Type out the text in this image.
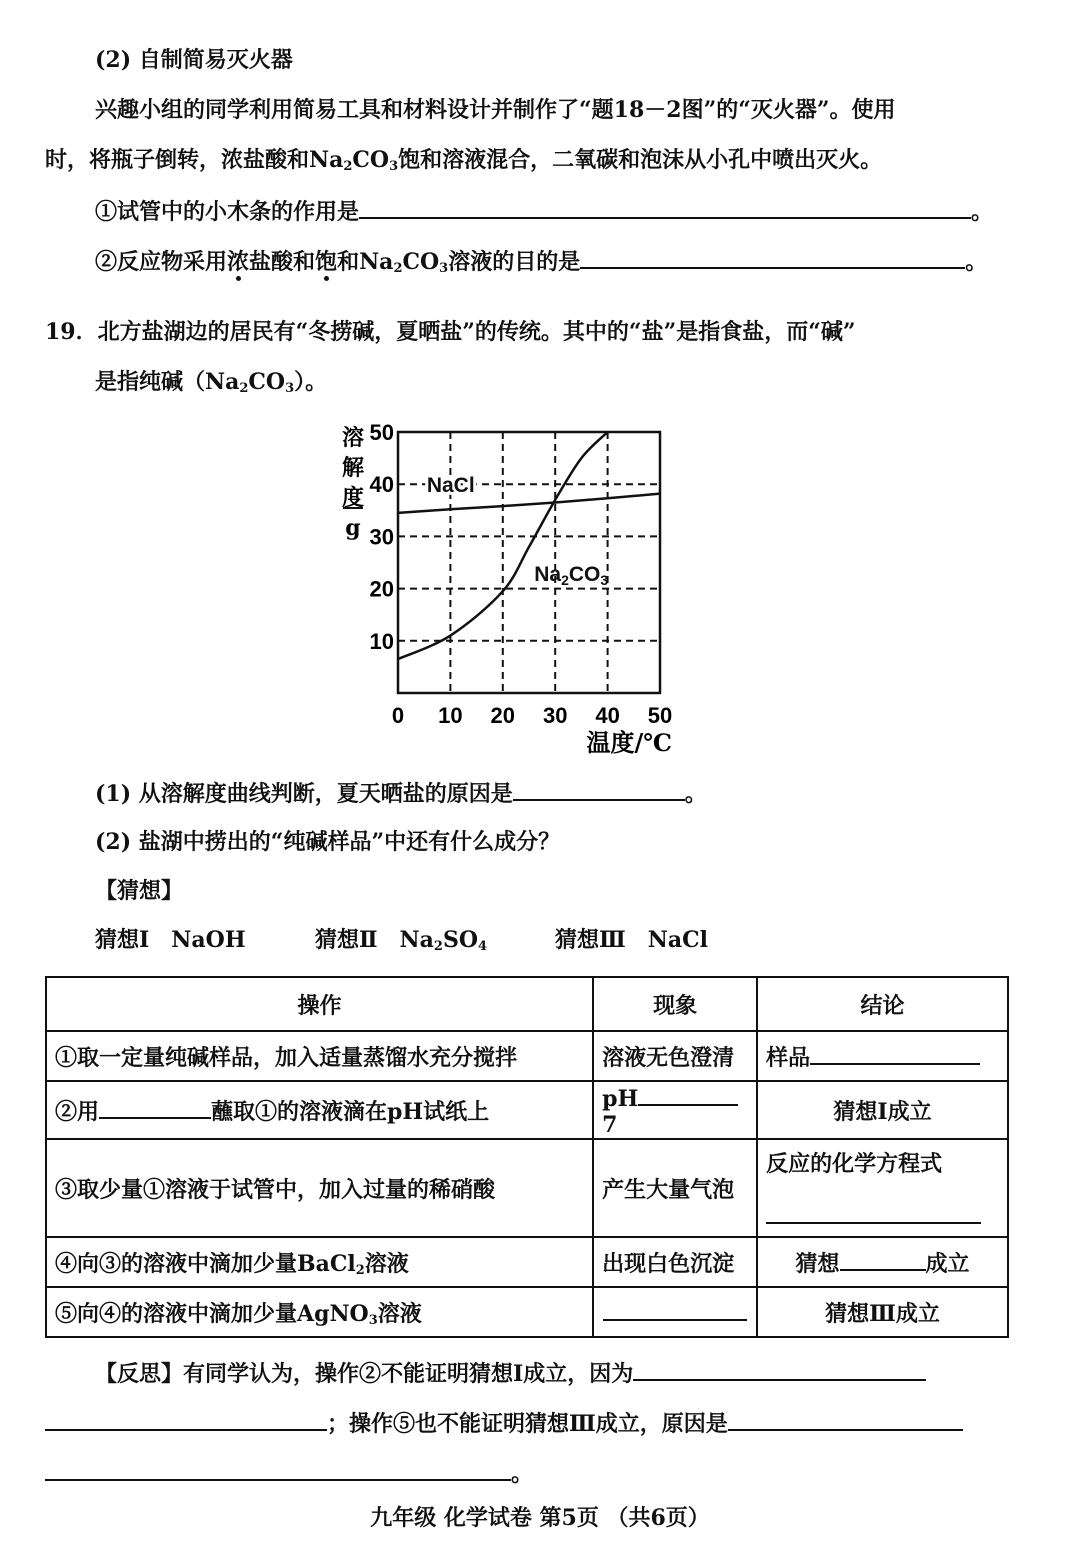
(2) 自制简易灭火器
兴趣小组的同学利用简易工具和材料设计并制作了“题18－2图”的“灭火器”。使用
时，将瓶子倒转，浓盐酸和$Na_2CO_3$饱和溶液混合，二氧碳和泡沫从小孔中喷出灭火。
①试管中的小木条的作用是	。
②反应物采用浓盐酸和饱和$Na_2CO_3$溶液的目的是	。
19．北方盐湖边的居民有“冬捞碱，夏晒盐”的传统。其中的“盐”是指食盐，而“碱”
是指纯碱$(Na_2CO_3)$。
10
20
30
40
50
0 10 20 30 40 50
溶
解
度
g
温度/℃
NaCl
Na2CO3
(1) 从溶解度曲线判断，夏天晒盐的原因是	。
(2) 盐湖中捞出的“纯碱样品”中还有什么成分？
【猜想】
猜想Ⅰ　NaOH	猜想Ⅱ　$Na_2SO_4$	猜想Ⅲ　NaCl
操作	现象	结论
①取一定量纯碱样品，加入适量蒸馏水充分搅拌	溶液无色澄清	样品
②用 蘸取①的溶液滴在pH试纸上	pH7	猜想Ⅰ成立
③取少量①溶液于试管中，加入过量的稀硝酸	产生大量气泡	反应的化学方程式

④向③的溶液中滴加少量BaCl$_2$溶液	出现白色沉淀	猜想 成立
⑤向④的溶液中滴加少量AgNO$_3$溶液		猜想Ⅲ成立
【反思】有同学认为，操作②不能证明猜想Ⅰ成立，因为
；操作⑤也不能证明猜想Ⅲ成立，原因是
。
九年级 化学试卷 第5页 （共6页）
